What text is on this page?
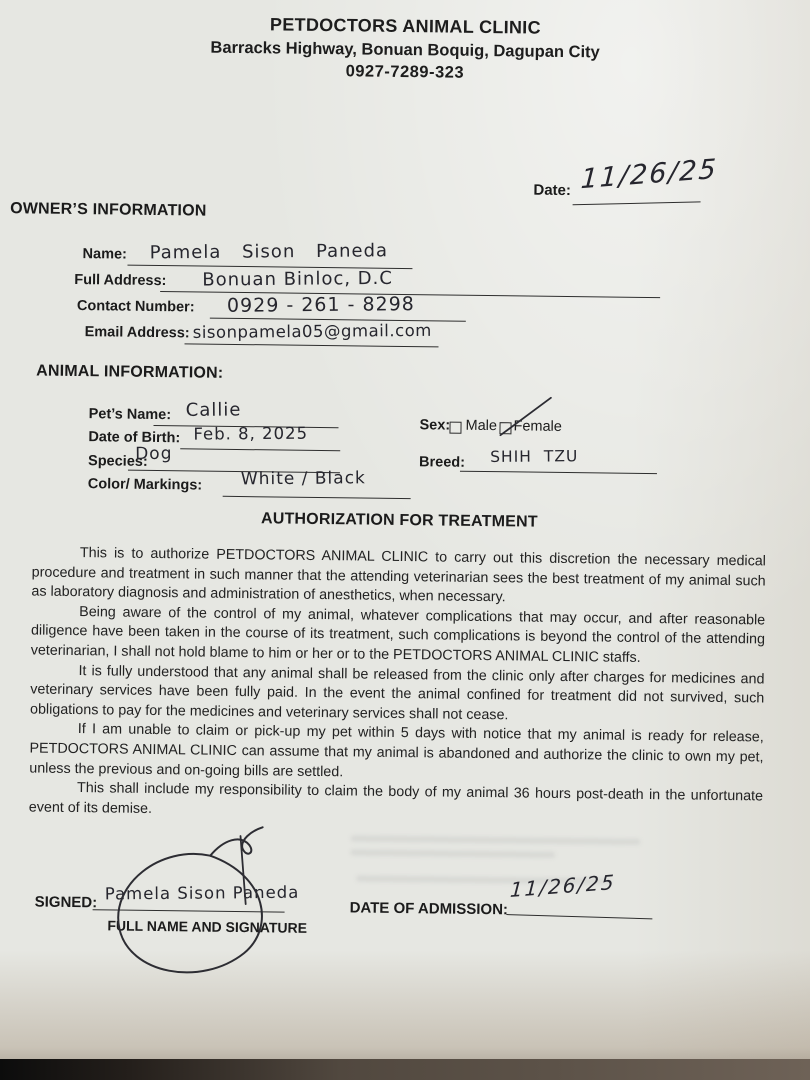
PETDOCTORS ANIMAL CLINIC
Barracks Highway, Bonuan Boquig, Dagupan City
0927-7289-323
Date: 11/26/25
OWNER’S INFORMATION
Name: Pamela Sison Paneda
Full Address: Bonuan Binloc, D.C
Contact Number: 0929 - 261 - 8298
Email Address: sisonpamela05@gmail.com
ANIMAL INFORMATION:
Pet’s Name: Callie
Date of Birth: Feb. 8, 2025
Species:
Dog
Color/ Markings: White / Black
Sex: Male Female
Breed: SHIH TZU
AUTHORIZATION FOR TREATMENT

This is to authorize PETDOCTORS ANIMAL CLINIC to carry out this discretion the necessary medical procedure and treatment in such manner that the attending veterinarian sees the best treatment of my animal such as laboratory diagnosis and administration of anesthetics, when necessary.

Being aware of the control of my animal, whatever complications that may occur, and after reasonable diligence have been taken in the course of its treatment, such complications is beyond the control of the attending veterinarian, I shall not hold blame to him or her or to the PETDOCTORS ANIMAL CLINIC staffs.

It is fully understood that any animal shall be released from the clinic only after charges for medicines and veterinary services have been fully paid. In the event the animal confined for treatment did not survived, such obligations to pay for the medicines and veterinary services shall not cease.

If I am unable to claim or pick-up my pet within 5 days with notice that my animal is ready for release, PETDOCTORS ANIMAL CLINIC can assume that my animal is abandoned and authorize the clinic to own my pet, unless the previous and on-going bills are settled.

This shall include my responsibility to claim the body of my animal 36 hours post-death in the unfortunate event of its demise.

SIGNED: Pamela Sison Paneda
FULL NAME AND SIGNATURE
DATE OF ADMISSION:
11/26/25
